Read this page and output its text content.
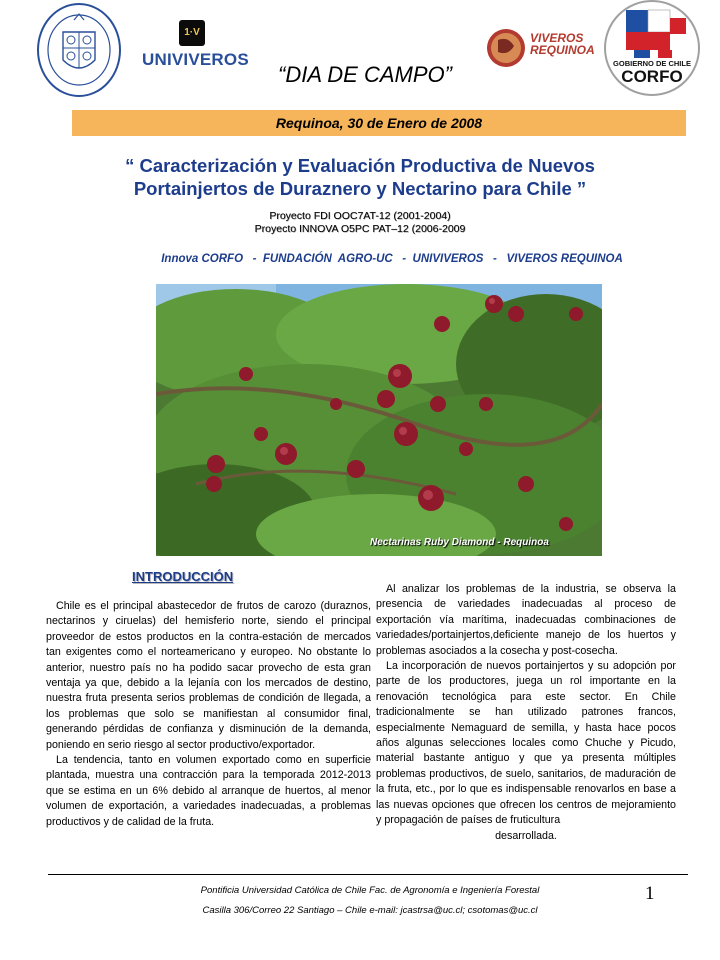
1·V
UNIVIVEROS
VIVEROS
REQUINOA
GOBIERNO DE CHILE
CORFO
“DIA DE CAMPO”
Requinoa, 30 de Enero de 2008
“ Caracterización y Evaluación Productiva de Nuevos
Portainjertos de Duraznero y Nectarino para Chile ”
Proyecto FDI OOC7AT-12 (2001-2004)
Proyecto INNOVA O5PC PAT–12 (2006-2009
Innova CORFO   -  FUNDACIÓN  AGRO-UC   -  UNIVIVEROS   -   VIVEROS REQUINOA
Nectarinas Ruby Diamond - Requinoa
INTRODUCCIÓN

Chile es el principal abastecedor de frutos de carozo (duraznos, nectarinos y ciruelas) del hemisferio norte, siendo el principal proveedor de estos productos en la contra-estación de mercados tan exigentes como el norteamericano y europeo. No obstante lo anterior, nuestro país no ha podido sacar provecho de esta gran ventaja ya que, debido a la lejanía con los mercados de destino, nuestra fruta presenta serios problemas de condición de llegada, a los problemas que solo se manifiestan al consumidor final, generando pérdidas de confianza y disminución de la demanda, poniendo en serio riesgo al sector productivo/exportador.

La tendencia, tanto en volumen exportado como en superficie plantada, muestra una contracción para la temporada 2012-2013 que se estima en un 6% debido al arranque de huertos, al menor volumen de exportación, a variedades inadecuadas, a problemas productivos y de calidad de la fruta.

Al analizar los problemas de la industria, se observa la presencia de variedades inadecuadas al proceso de exportación vía marítima, inadecuadas combinaciones de variedades/portainjertos,deficiente manejo de los huertos y problemas asociados a la cosecha y post-cosecha.

La incorporación de nuevos portainjertos y su adopción por parte de los productores, juega un rol importante en la renovación tecnológica para este sector. En Chile tradicionalmente se han utilizado patrones francos, especialmente Nemaguard de semilla, y hasta hace pocos años algunas selecciones locales como Chuche y Picudo, material bastante antiguo y que ya presenta múltiples problemas productivos, de suelo, sanitarios, de maduración de la fruta, etc., por lo que es indispensable renovarlos en base a las nuevas opciones que ofrecen los centros de mejoramiento y propagación de países de fruticultura

desarrollada.

Pontificia Universidad Católica de Chile Fac. de Agronomía e Ingeniería Forestal
Casilla 306/Correo 22 Santiago – Chile e-mail: jcastrsa@uc.cl; csotomas@uc.cl
1
